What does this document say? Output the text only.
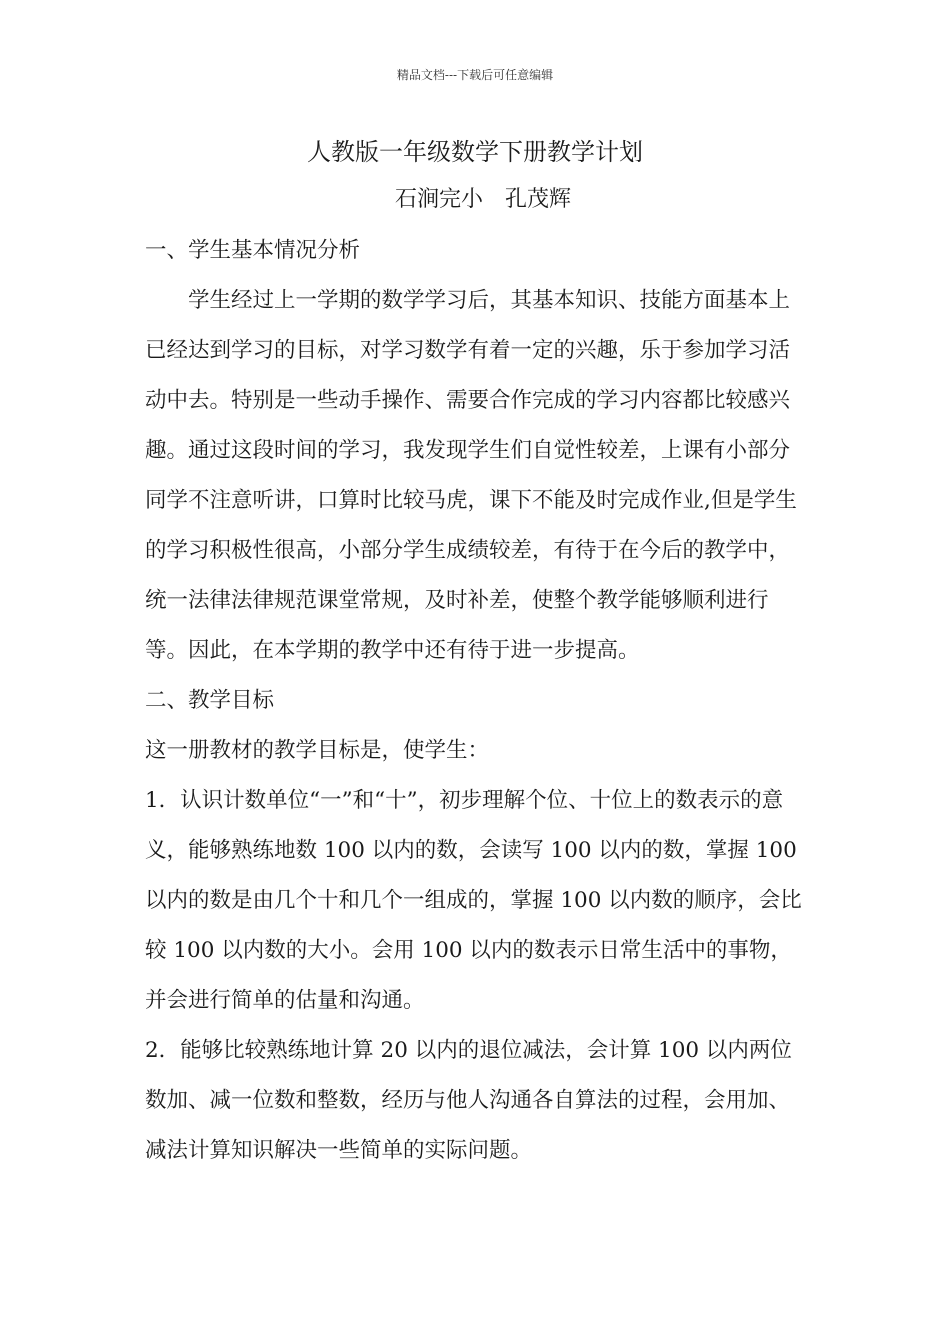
精品文档---下载后可任意编辑
人教版一年级数学下册教学计划
石涧完小　孔茂辉

一、学生基本情况分析

学生经过上一学期的数学学习后，其基本知识、技能方面基本上已经达到学习的目标，对学习数学有着一定的兴趣，乐于参加学习活动中去。特别是一些动手操作、需要合作完成的学习内容都比较感兴趣。通过这段时间的学习，我发现学生们自觉性较差，上课有小部分同学不注意听讲，口算时比较马虎，课下不能及时完成作业,但是学生的学习积极性很高，小部分学生成绩较差，有待于在今后的教学中，统一法律法律规范课堂常规，及时补差，使整个教学能够顺利进行等。因此，在本学期的教学中还有待于进一步提高。

二、教学目标

这一册教材的教学目标是，使学生：

1．认识计数单位“一”和“十”，初步理解个位、十位上的数表示的意义，能够熟练地数 100 以内的数，会读写 100 以内的数，掌握 100 以内的数是由几个十和几个一组成的，掌握 100 以内数的顺序，会比较 100 以内数的大小。会用 100 以内的数表示日常生活中的事物，并会进行简单的估量和沟通。

2．能够比较熟练地计算 20 以内的退位减法，会计算 100 以内两位数加、减一位数和整数，经历与他人沟通各自算法的过程，会用加、减法计算知识解决一些简单的实际问题。
